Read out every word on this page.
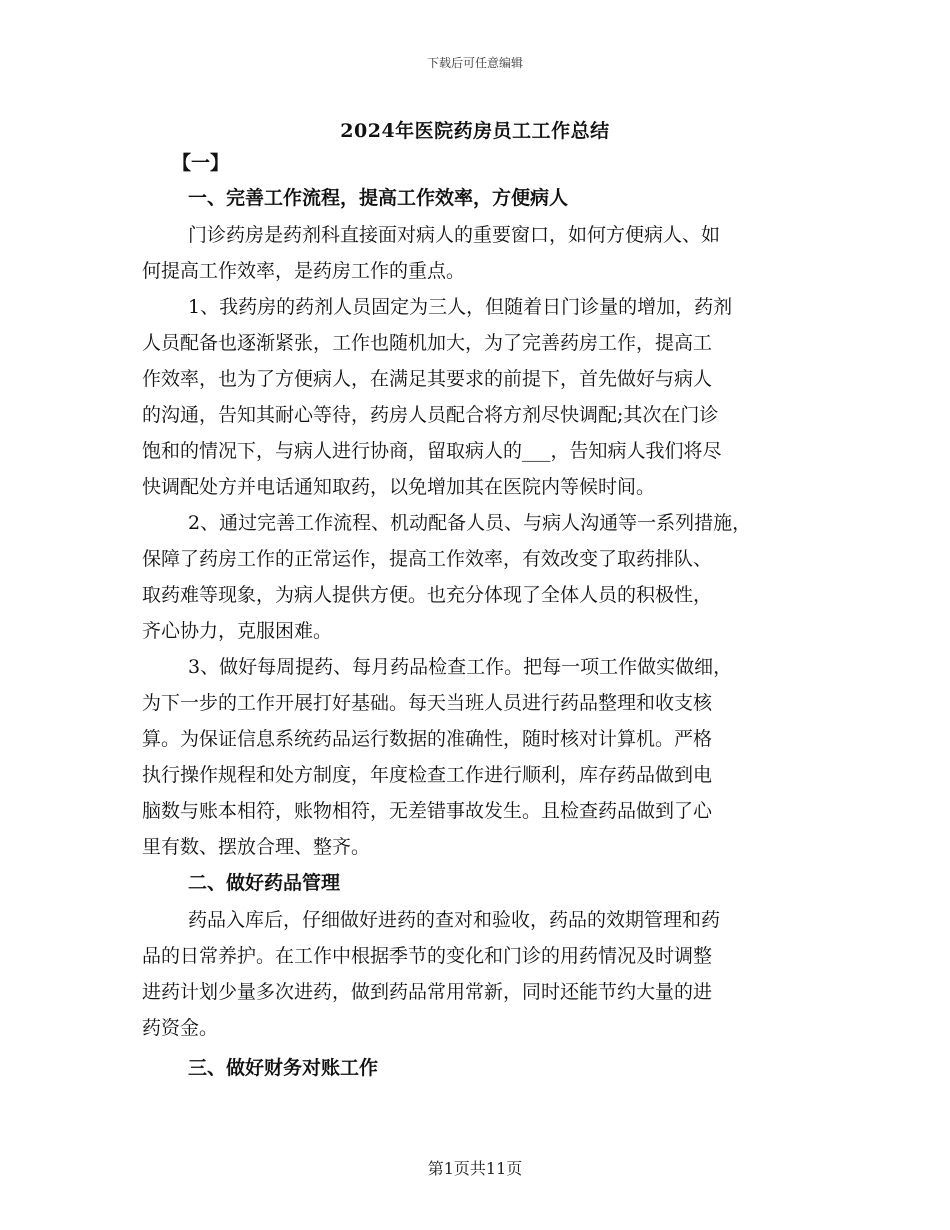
下载后可任意编辑
2024年医院药房员工工作总结
【一】
一、完善工作流程，提高工作效率，方便病人
门诊药房是药剂科直接面对病人的重要窗口，如何方便病人、如
何提高工作效率，是药房工作的重点。
1、我药房的药剂人员固定为三人，但随着日门诊量的增加，药剂
人员配备也逐渐紧张，工作也随机加大，为了完善药房工作，提高工
作效率，也为了方便病人，在满足其要求的前提下，首先做好与病人
的沟通，告知其耐心等待，药房人员配合将方剂尽快调配;其次在门诊
饱和的情况下，与病人进行协商，留取病人的___，告知病人我们将尽
快调配处方并电话通知取药，以免增加其在医院内等候时间。
2、通过完善工作流程、机动配备人员、与病人沟通等一系列措施，
保障了药房工作的正常运作，提高工作效率，有效改变了取药排队、
取药难等现象，为病人提供方便。也充分体现了全体人员的积极性，
齐心协力，克服困难。
3、做好每周提药、每月药品检查工作。把每一项工作做实做细，
为下一步的工作开展打好基础。每天当班人员进行药品整理和收支核
算。为保证信息系统药品运行数据的准确性，随时核对计算机。严格
执行操作规程和处方制度，年度检查工作进行顺利，库存药品做到电
脑数与账本相符，账物相符，无差错事故发生。且检查药品做到了心
里有数、摆放合理、整齐。
二、做好药品管理
药品入库后，仔细做好进药的查对和验收，药品的效期管理和药
品的日常养护。在工作中根据季节的变化和门诊的用药情况及时调整
进药计划少量多次进药，做到药品常用常新，同时还能节约大量的进
药资金。
三、做好财务对账工作
第1页共11页
